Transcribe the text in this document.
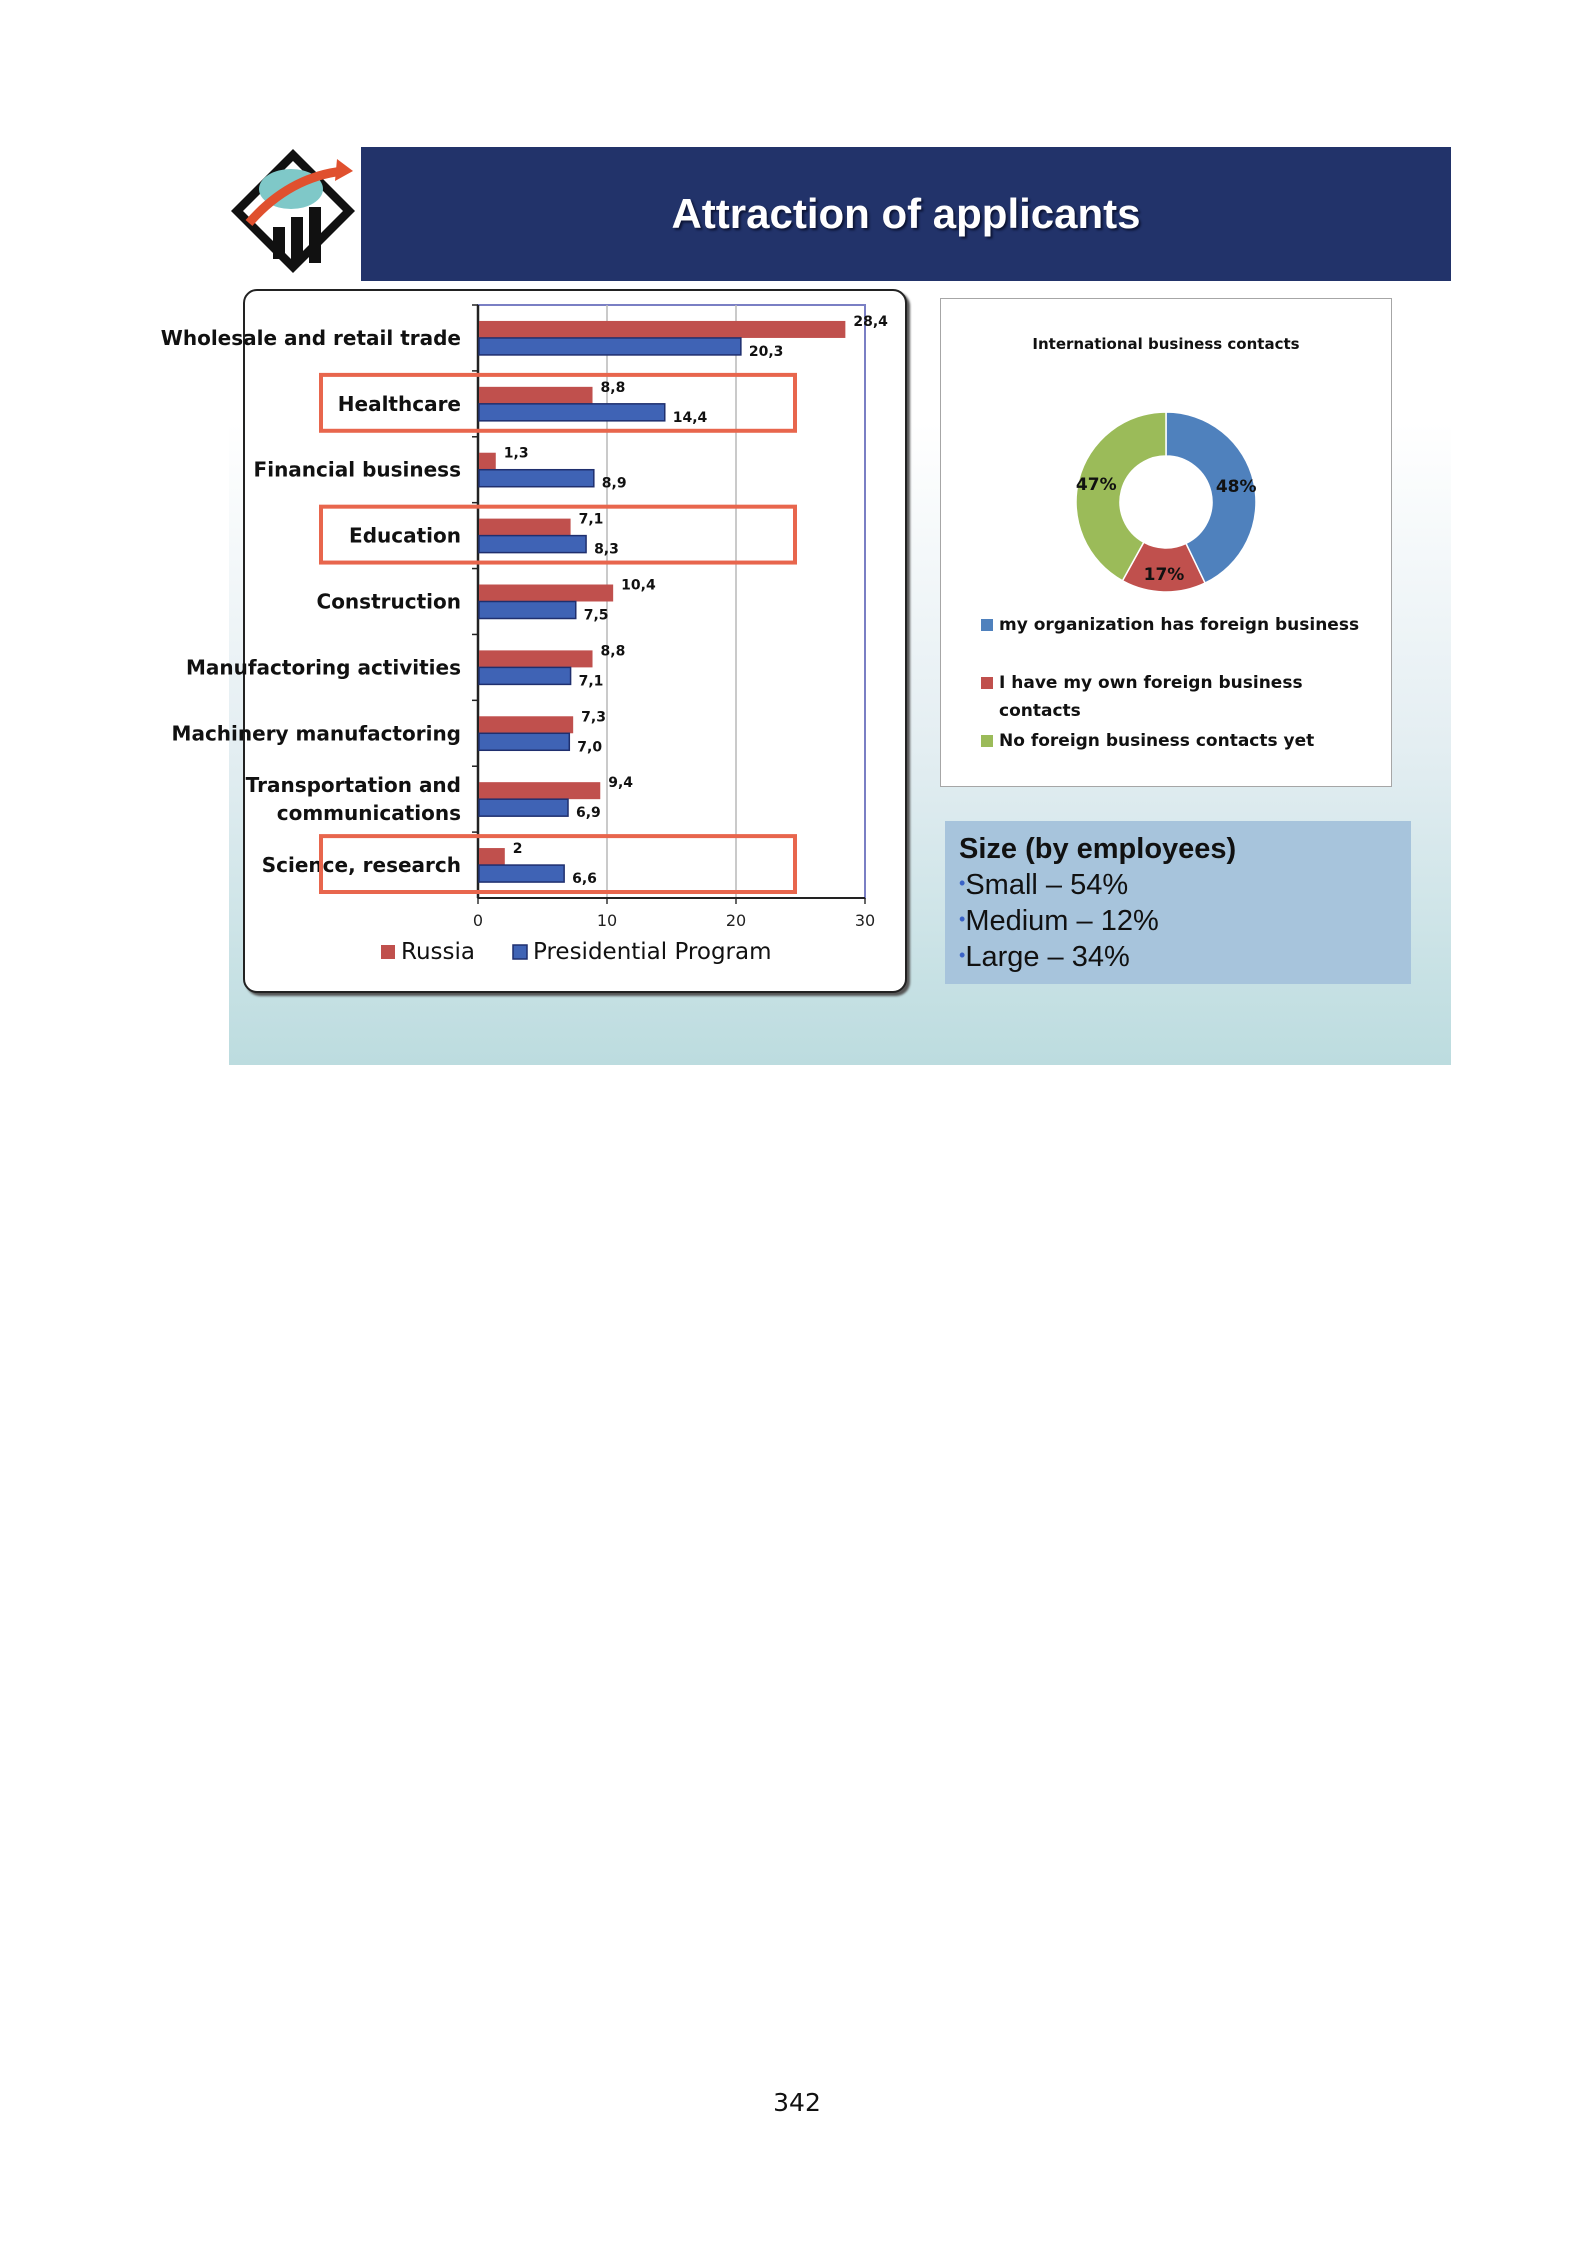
Attraction of applicants
0	10	20	30
Wholesale and retail trade
28,4
20,3
Healthcare
8,8
14,4
Financial business
1,3
8,9
Education
7,1
8,3
Construction
10,4
7,5
Manufactoring activities
8,8
7,1
Machinery manufactoring
7,3
7,0
Transportation and communications
9,4
6,9
Science, research
2
6,6
Russia	Presidential Program
International business contacts
48%
17%
47%
my organization has foreign business
I have my own foreign business
contacts
No foreign business contacts yet
Size (by employees)
•Small – 54%
•Medium – 12%
•Large – 34%
342
